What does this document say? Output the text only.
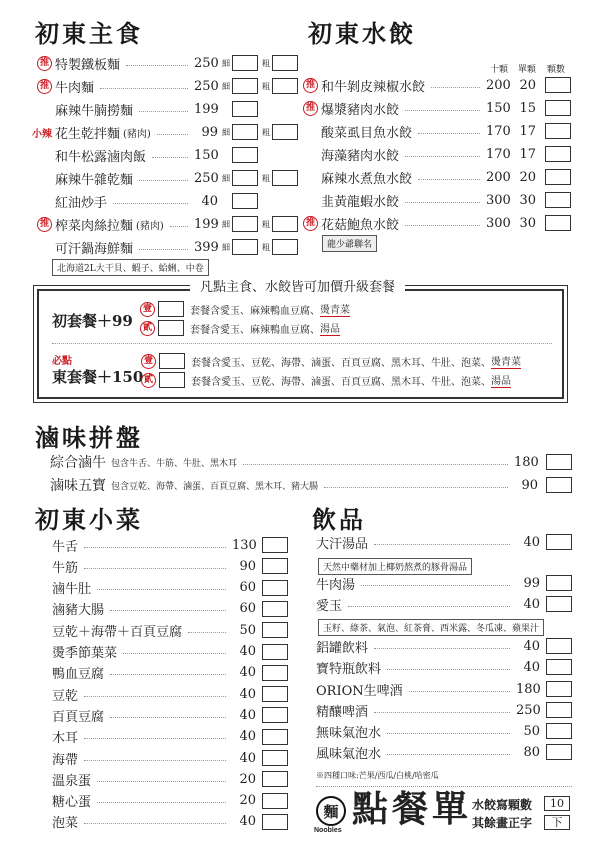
初東主食
推 特製鐵板麵	250 細	粗
推 牛肉麵	250 細	粗
麻辣牛腩撈麵	199
小辣 花生乾拌麵 (豬肉)	99 細	粗
和牛松露滷肉飯	150
麻辣牛雜乾麵	250 細	粗
紅油炒手	40
推 榨菜肉絲拉麵 (豬肉) 199 細	粗
可汗鍋海鮮麵	399 細	粗
北海道2L大干貝、蝦子、蛤蜊、中卷
初東水餃
十顆 單顆 顆數
推 和牛剝皮辣椒水餃	200 20
推 爆漿豬肉水餃	150 15
酸菜虱目魚水餃	170 17
海藻豬肉水餃	170 17
麻辣水煮魚水餃	200 20
韭黃龍蝦水餃	300 30
推 花菇鮑魚水餃	300 30
龍少爺聯名
凡點主食、水餃皆可加價升級套餐
初套餐＋99
壹	套餐含愛玉、麻辣鴨血豆腐、 燙青菜
貳	套餐含愛玉、麻辣鴨血豆腐、 湯品
必點
東套餐＋150
壹	套餐含愛玉、豆乾、海帶、滷蛋、百頁豆腐、黑木耳、牛肚、泡菜、 燙青菜
貳	套餐含愛玉、豆乾、海帶、滷蛋、百頁豆腐、黑木耳、牛肚、泡菜、 湯品
滷味拼盤
綜合滷牛 包含牛舌、牛筋、牛肚、黑木耳	180
滷味五寶 包含豆乾、海帶、滷蛋、百頁豆腐、黑木耳、豬大腸	90
初東小菜
牛舌	130
牛筋	90
滷牛肚	60
滷豬大腸	60
豆乾＋海帶＋百頁豆腐	50
燙季節葉菜	40
鴨血豆腐	40
豆乾	40
百頁豆腐	40
木耳	40
海帶	40
溫泉蛋	20
糖心蛋	20
泡菜	40
飲品
大汗湯品	40
牛肉湯	99
愛玉	40
鋁罐飲料	40
寶特瓶飲料	40
ORION生啤酒	180
精釀啤酒	250
無味氣泡水	50
風味氣泡水	80
天然中藥材加上椰奶熬煮的豚骨湯品
玉籽、綠茶、氣泡、紅茶膏、西米露、冬瓜凍、蘋果汁
※四種口味:芒果/西瓜/白桃/哈密瓜
麵
Noobles
點餐單 水餃寫顆數	10
其餘畫正字	下
